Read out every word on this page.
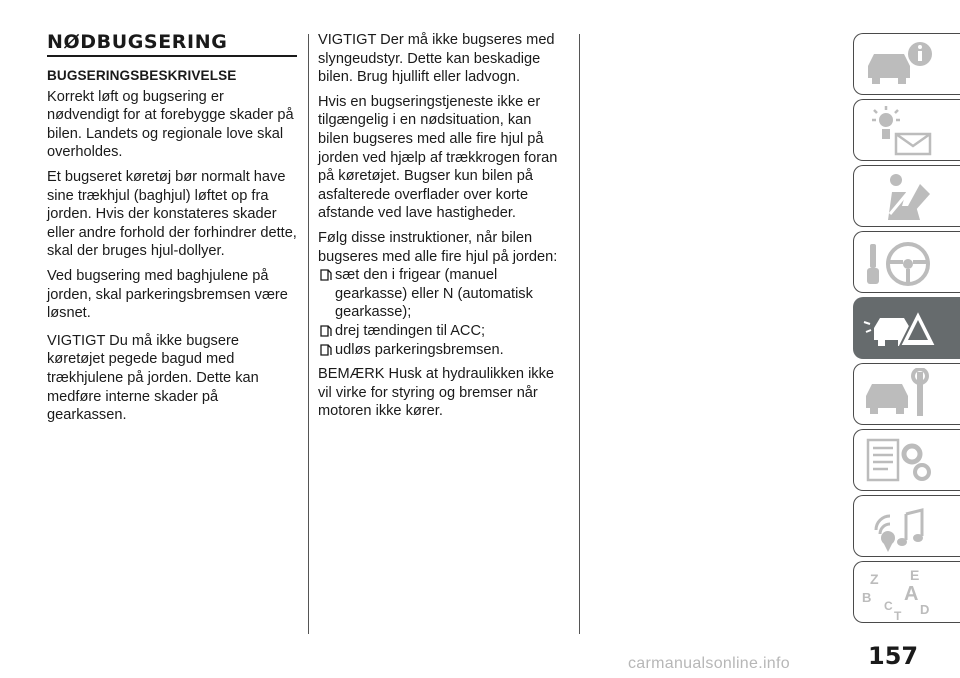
NØDBUGSERING
BUGSERINGSBESKRIVELSE

Korrekt løft og bugsering er nødvendigt for at forebygge skader på bilen. Landets og regionale love skal overholdes.

Et bugseret køretøj bør normalt have sine trækhjul (baghjul) løftet op fra jorden. Hvis der konstateres skader eller andre forhold der forhindrer dette, skal der bruges hjul-dollyer.

Ved bugsering med baghjulene på jorden, skal parkeringsbremsen være løsnet.

VIGTIGT Du må ikke bugsere køretøjet pegede bagud med trækhjulene på jorden. Dette kan medføre interne skader på gearkassen.

VIGTIGT Der må ikke bugseres med slyngeudstyr. Dette kan beskadige bilen. Brug hjullift eller ladvogn.

Hvis en bugseringstjeneste ikke er tilgængelig i en nødsituation, kan bilen bugseres med alle fire hjul på jorden ved hjælp af trækkrogen foran på køretøjet. Bugser kun bilen på asfalterede overflader over korte afstande ved lave hastigheder.

Følg disse instruktioner, når bilen bugseres med alle fire hjul på jorden:

sæt den i frigear (manuel gearkasse) eller N (automatisk gearkasse);
drej tændingen til ACC;
udløs parkeringsbremsen.

BEMÆRK Husk at hydraulikken ikke vil virke for styring og bremser når motoren ikke kører.

Z E
B A
C D
T
157
carmanualsonline.info
